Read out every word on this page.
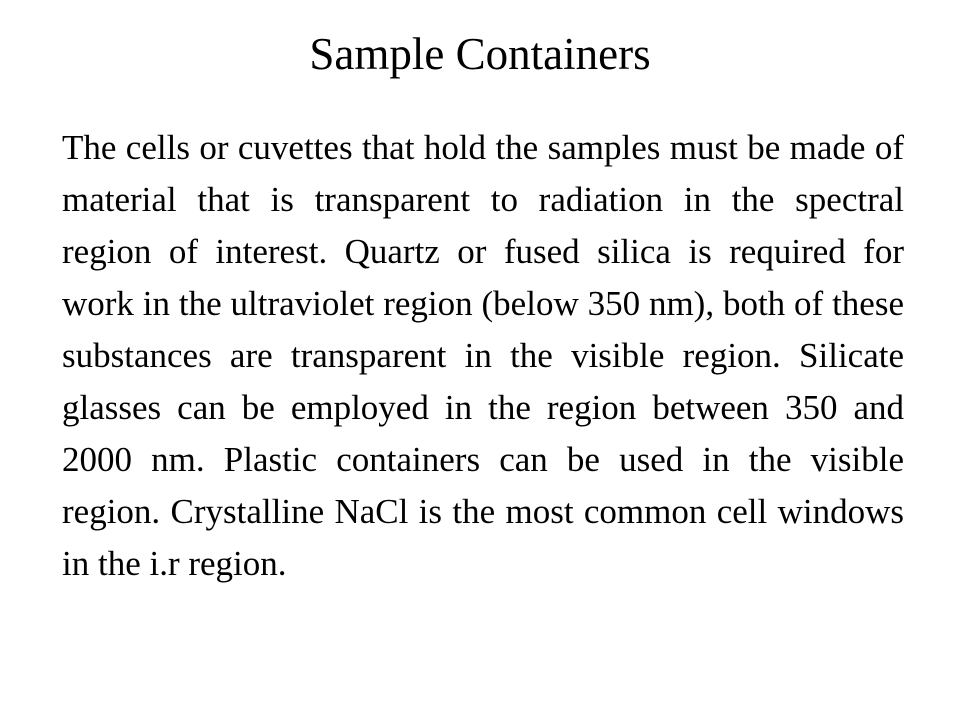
Sample Containers

The cells or cuvettes that hold the samples must be made of material that is transparent to radiation in the spectral region of interest. Quartz or fused silica is required for work in the ultraviolet region (below 350 nm), both of these substances are transparent in the visible region. Silicate glasses can be employed in the region between 350 and 2000 nm. Plastic containers can be used in the visible region. Crystalline NaCl is the most common cell windows in the i.r region.
